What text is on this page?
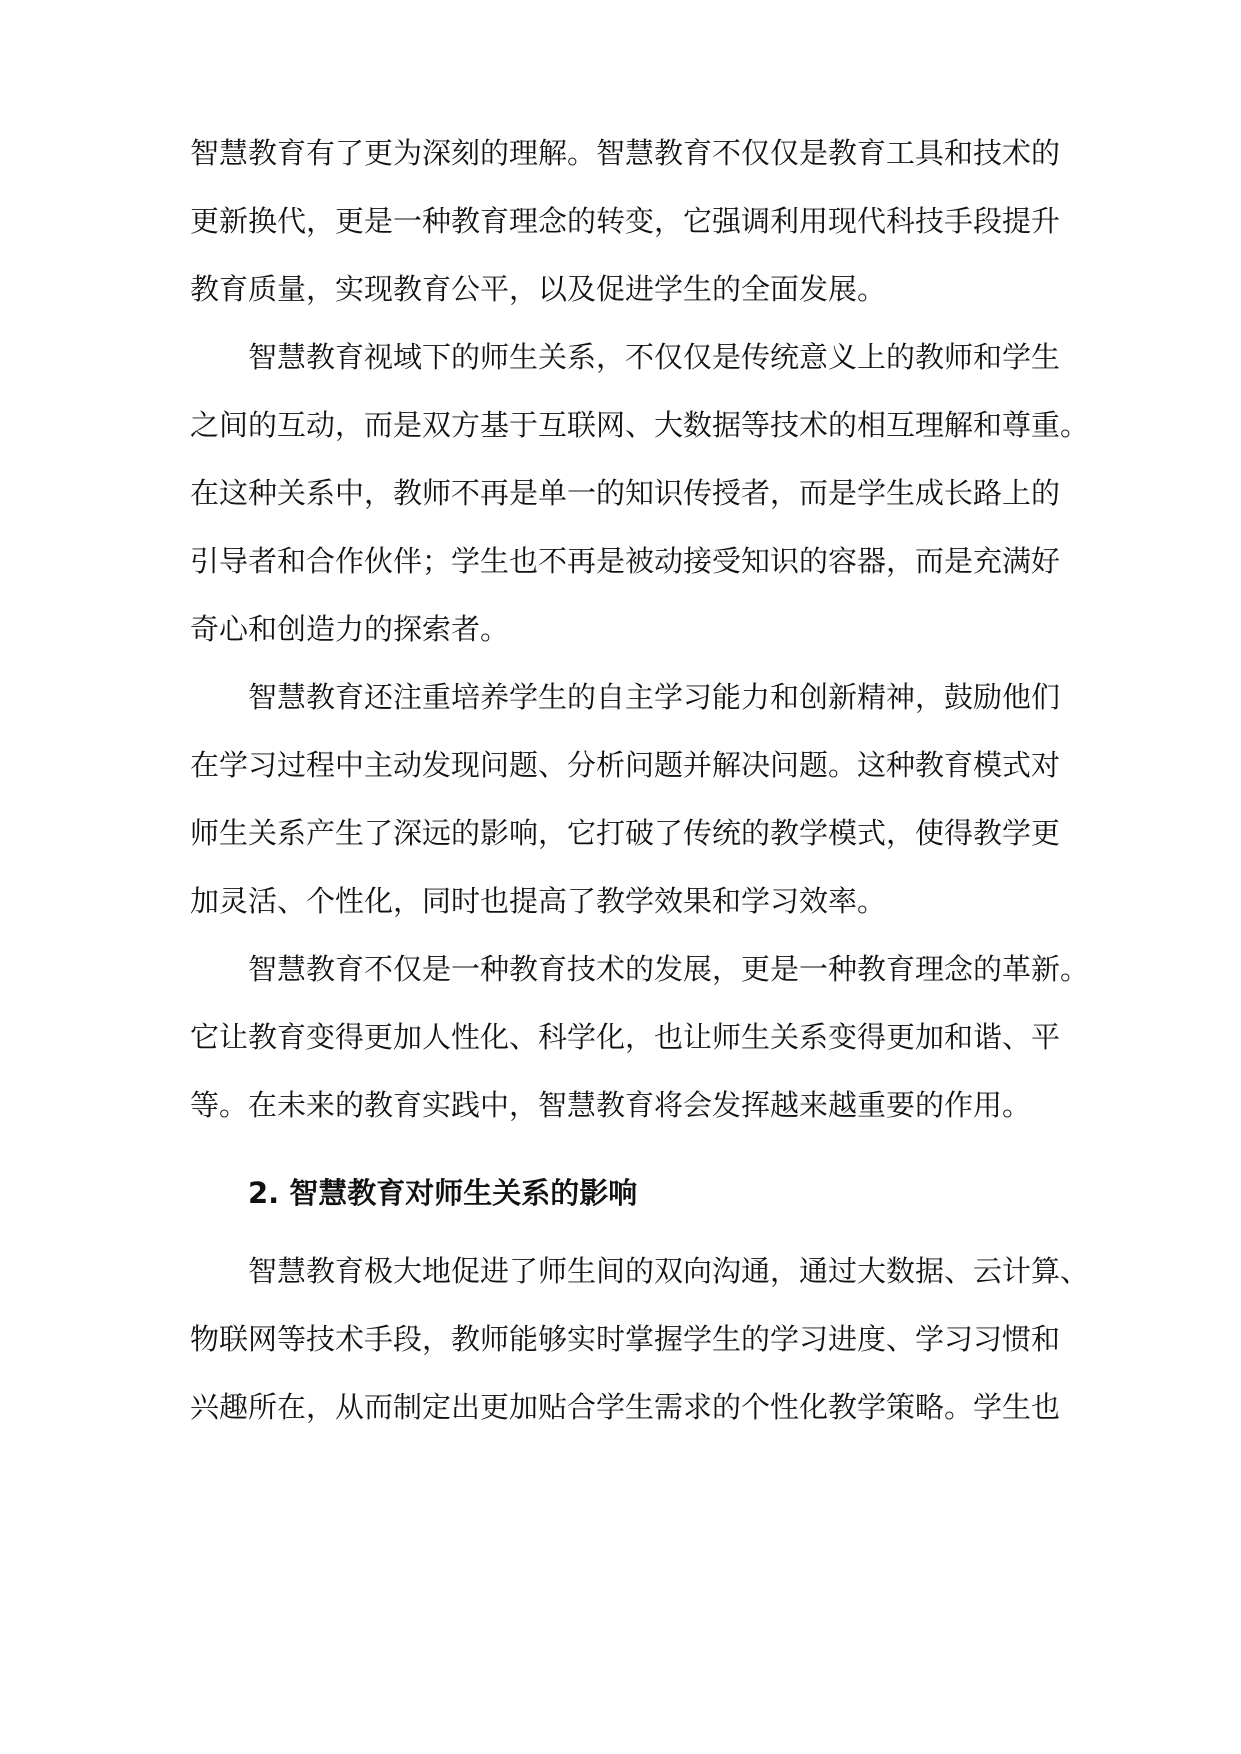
智慧教育有了更为深刻的理解。智慧教育不仅仅是教育工具和技术的
更新换代，更是一种教育理念的转变，它强调利用现代科技手段提升
教育质量，实现教育公平，以及促进学生的全面发展。
智慧教育视域下的师生关系，不仅仅是传统意义上的教师和学生
之间的互动，而是双方基于互联网、大数据等技术的相互理解和尊重。
在这种关系中，教师不再是单一的知识传授者，而是学生成长路上的
引导者和合作伙伴；学生也不再是被动接受知识的容器，而是充满好
奇心和创造力的探索者。
智慧教育还注重培养学生的自主学习能力和创新精神，鼓励他们
在学习过程中主动发现问题、分析问题并解决问题。这种教育模式对
师生关系产生了深远的影响，它打破了传统的教学模式，使得教学更
加灵活、个性化，同时也提高了教学效果和学习效率。
智慧教育不仅是一种教育技术的发展，更是一种教育理念的革新。
它让教育变得更加人性化、科学化，也让师生关系变得更加和谐、平
等。在未来的教育实践中，智慧教育将会发挥越来越重要的作用。
2. 智慧教育对师生关系的影响
智慧教育极大地促进了师生间的双向沟通，通过大数据、云计算、
物联网等技术手段，教师能够实时掌握学生的学习进度、学习习惯和
兴趣所在，从而制定出更加贴合学生需求的个性化教学策略。学生也
